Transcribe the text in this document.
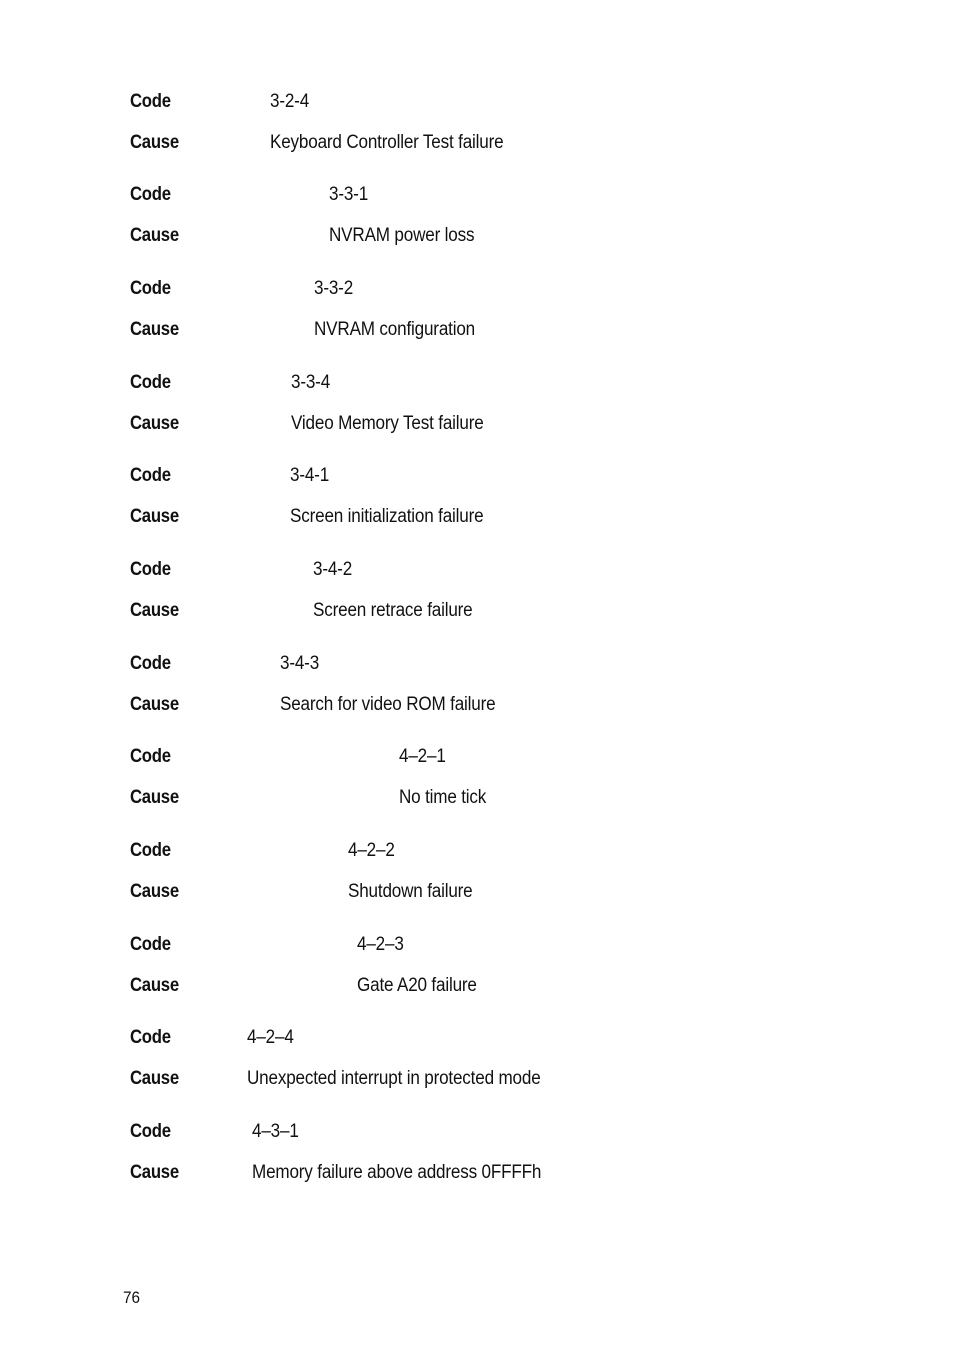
Code	3-2-4
Cause	Keyboard Controller Test failure
Code	3-3-1
Cause	NVRAM power loss
Code	3-3-2
Cause	NVRAM configuration
Code	3-3-4
Cause	Video Memory Test failure
Code	3-4-1
Cause	Screen initialization failure
Code	3-4-2
Cause	Screen retrace failure
Code	3-4-3
Cause	Search for video ROM failure
Code	4–2–1
Cause	No time tick
Code	4–2–2
Cause	Shutdown failure
Code	4–2–3
Cause	Gate A20 failure
Code	4–2–4
Cause	Unexpected interrupt in protected mode
Code	4–3–1
Cause	Memory failure above address 0FFFFh
76
